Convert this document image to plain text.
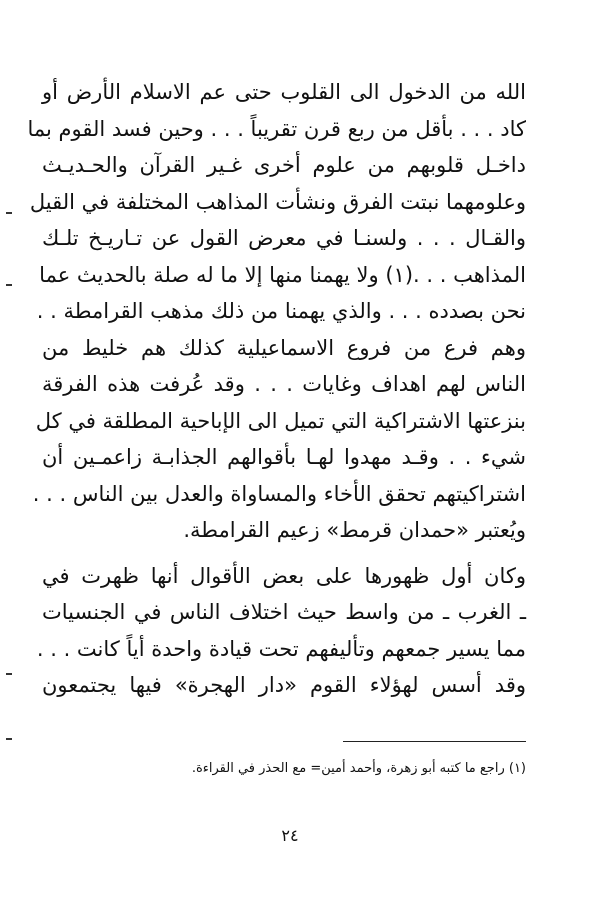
الله من الدخول الى القلوب حتى عم الاسلام الأرض أو
كاد . . . بأقل من ربع قرن تقريباً . . . وحين فسد القوم بما
داخـل قلوبهم من علوم أخرى غـير القرآن والحـديـث
وعلومهما نبتت الفرق ونشأت المذاهب المختلفة في القيل
والقـال . . . ولسنـا في معرض القول عن تـاريـخ تلـك
المذاهب . . .(١) ولا يهمنا منها إلا ما له صلة بالحديث عما
نحن بصدده . . . والذي يهمنا من ذلك مذهب القرامطة . .
وهم فرع من فروع الاسماعيلية كذلك هم خليط من
الناس لهم اهداف وغايات . . . وقد عُرفت هذه الفرقة
بنزعتها الاشتراكية التي تميل الى الإباحية المطلقة في كل
شيء . . وقـد مهدوا لهـا بأقوالهم الجذابـة زاعمـين أن
اشتراكيتهم تحقق الأخاء والمساواة والعدل بين الناس . . .
ويُعتبر «حمدان قرمط» زعيم القرامطة.
وكان أول ظهورها على بعض الأقوال أنها ظهرت في
ـ الغرب ـ من واسط حيث اختلاف الناس في الجنسيات
مما يسير جمعهم وتأليفهم تحت قيادة واحدة أياً كانت . . .
وقد أسس لهؤلاء القوم «دار الهجرة» فيها يجتمعون
(١) راجع ما كتبه أبو زهرة، وأحمد أمين= مع الحذر في القراءة.
٢٤
